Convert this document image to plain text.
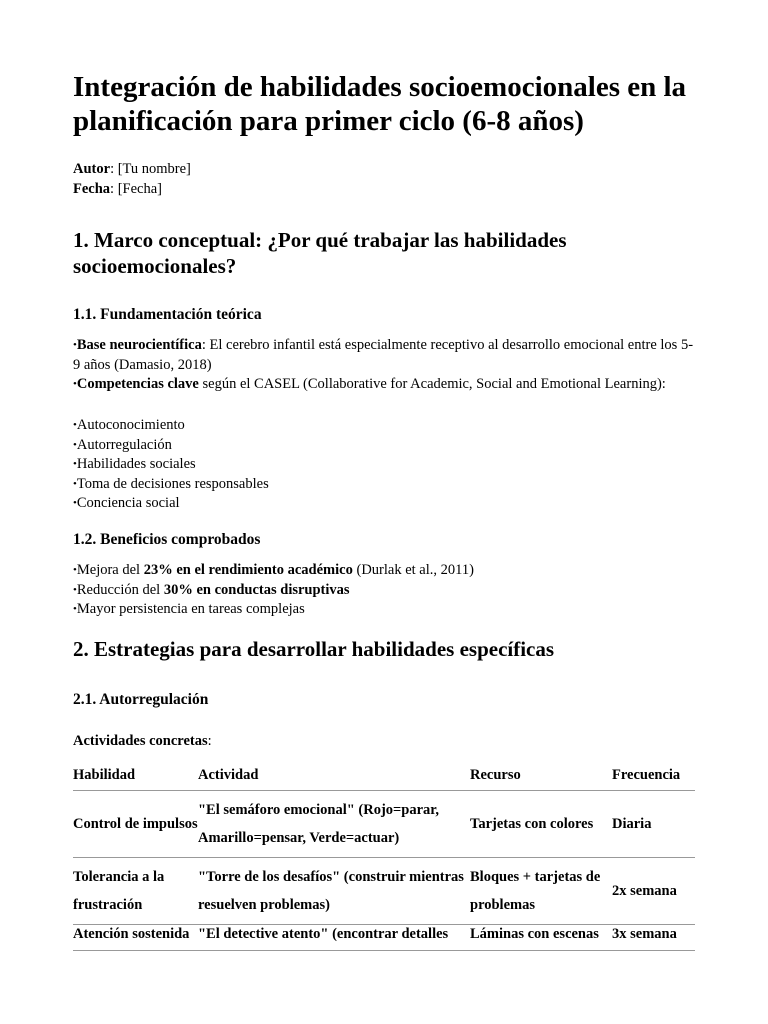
Integración de habilidades socioemocionales en la planificación para primer ciclo (6-8 años)
Autor: [Tu nombre]
Fecha: [Fecha]
1. Marco conceptual: ¿Por qué trabajar las habilidades socioemocionales?
1.1. Fundamentación teórica
•Base neurocientífica: El cerebro infantil está especialmente receptivo al desarrollo emocional entre los 5-9 años (Damasio, 2018)
•Competencias clave según el CASEL (Collaborative for Academic, Social and Emotional Learning):
•Autoconocimiento
•Autorregulación
•Habilidades sociales
•Toma de decisiones responsables
•Conciencia social
1.2. Beneficios comprobados
•Mejora del 23% en el rendimiento académico (Durlak et al., 2011)
•Reducción del 30% en conductas disruptivas
•Mayor persistencia en tareas complejas
2. Estrategias para desarrollar habilidades específicas
2.1. Autorregulación
Actividades concretas:
Habilidad	Actividad	Recurso	Frecuencia
Control de impulsos	"El semáforo emocional" (Rojo=parar, Amarillo=pensar, Verde=actuar)	Tarjetas con colores	Diaria
Tolerancia a la frustración	"Torre de los desafíos" (construir mientras resuelven problemas)	Bloques + tarjetas de problemas	2x semana
Atención sostenida	"El detective atento" (encontrar detalles	Láminas con escenas	3x semana
